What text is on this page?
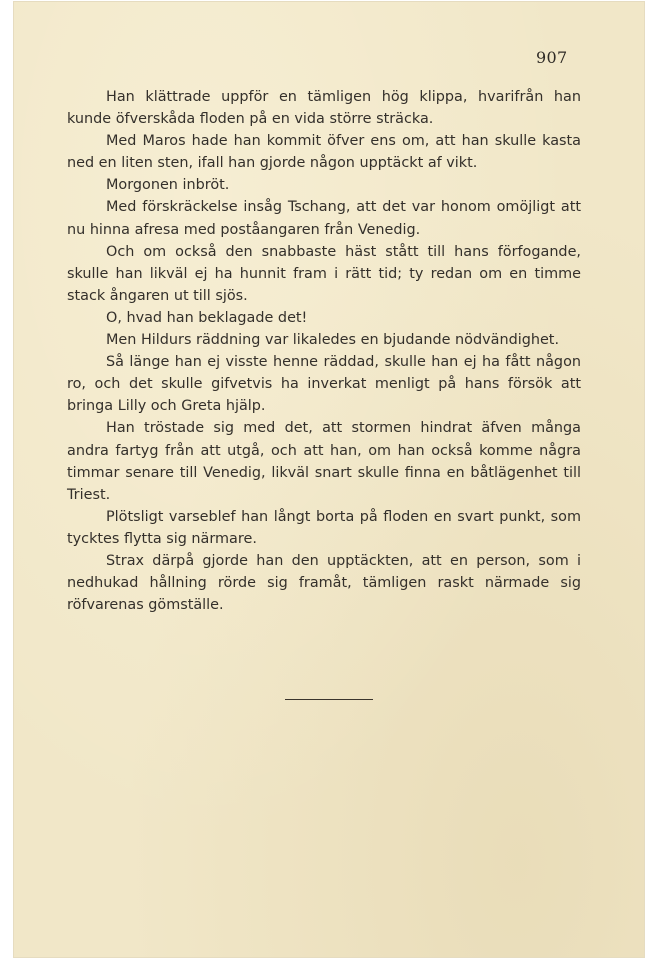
907

Han klättrade uppför en tämligen hög klippa, hvarifrån han kunde öfverskåda floden på en vida större sträcka.

Med Maros hade han kommit öfver ens om, att han skulle kasta ned en liten sten, ifall han gjorde någon upptäckt af vikt.

Morgonen inbröt.

Med förskräckelse insåg Tschang, att det var honom omöjligt att nu hinna afresa med poståangaren från Venedig.

Och om också den snabbaste häst stått till hans förfogande, skulle han likväl ej ha hunnit fram i rätt tid; ty redan om en timme stack ångaren ut till sjös.

O, hvad han beklagade det!

Men Hildurs räddning var likaledes en bjudande nödvändighet.

Så länge han ej visste henne räddad, skulle han ej ha fått någon ro, och det skulle gifvetvis ha inverkat menligt på hans försök att bringa Lilly och Greta hjälp.

Han tröstade sig med det, att stormen hindrat äfven många andra fartyg från att utgå, och att han, om han också komme några timmar senare till Venedig, likväl snart skulle finna en båtlägenhet till Triest.

Plötsligt varseblef han långt borta på floden en svart punkt, som tycktes flytta sig närmare.

Strax därpå gjorde han den upptäckten, att en person, som i nedhukad hållning rörde sig framåt, tämligen raskt närmade sig röfvarenas gömställe.
